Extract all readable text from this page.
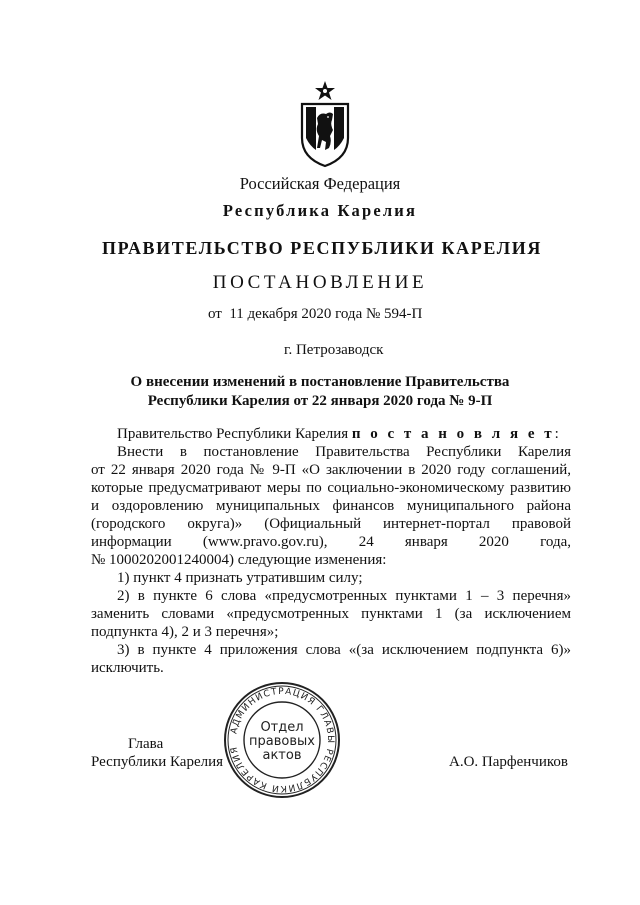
Российская Федерация
Республика Карелия
ПРАВИТЕЛЬСТВО РЕСПУБЛИКИ КАРЕЛИЯ
ПОСТАНОВЛЕНИЕ
от  11 декабря 2020 года № 594-П
г. Петрозаводск
О внесении изменений в постановление Правительства
Республики Карелия от 22 января 2020 года № 9-П
Правительство Республики Карелия п о с т а н о в л я е т:
Внести в постановление Правительства Республики Карелия
от 22 января 2020 года № 9-П «О заключении в 2020 году соглашений,
которые предусматривают меры по социально-экономическому развитию
и оздоровлению муниципальных финансов муниципального района
(городского округа)» (Официальный интернет-портал правовой
информации (www.pravo.gov.ru), 24 января 2020 года,
№ 1000202001240004) следующие изменения:
1) пункт 4 признать утратившим силу;
2) в пункте 6 слова «предусмотренных пунктами 1 – 3 перечня»
заменить словами «предусмотренных пунктами 1 (за исключением
подпункта 4), 2 и 3 перечня»;
3) в пункте 4 приложения слова «(за исключением подпункта 6)»
исключить.
Глава
Республики Карелия	А.О. Парфенчиков
АДМИНИСТРАЦИЯ ГЛАВЫ РЕСПУБЛИКИ КАРЕЛИЯ
Отдел
правовых
актов
